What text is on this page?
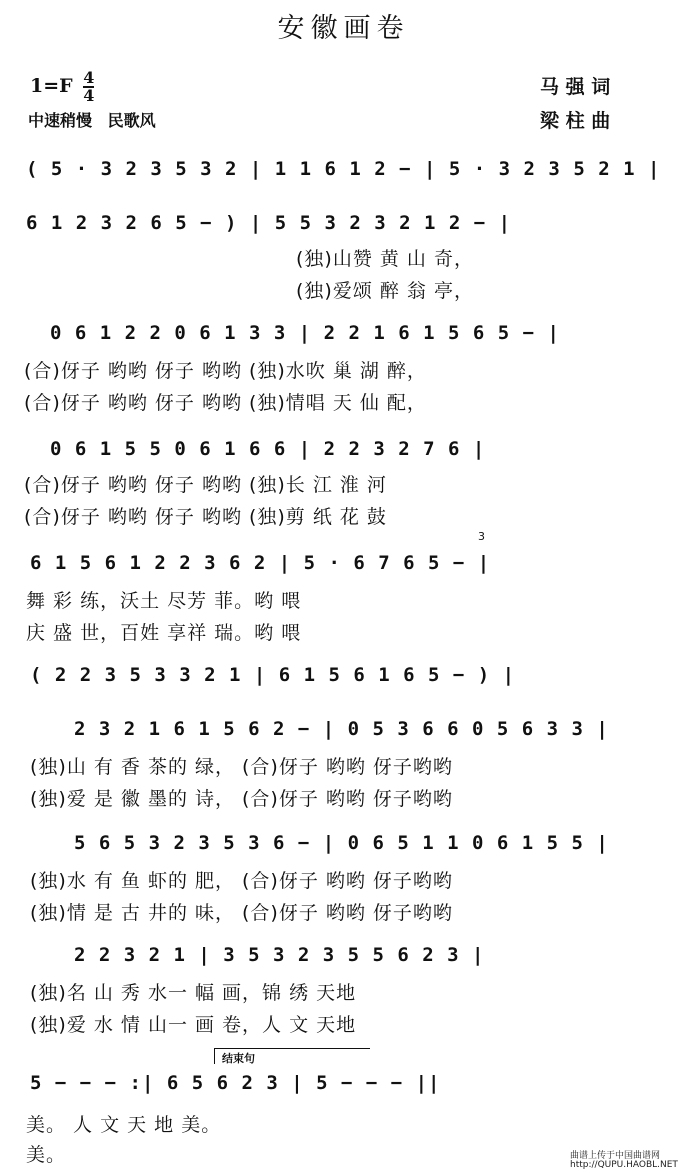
安徽画卷
$1=F \frac{4}{4}$
中速稍慢 民歌风
马 强 词
梁 柱 曲
( 5 · 3 2 3 5 3 2 | 1 1 6 1 2 − | 5 · 3 2 3 5 2 1 |
6 1 2 3 2 6 5 − ) | 5 5 3 2 3 2 1 2 − |
(独)山赞 黄 山 奇，
(独)爱颂 醉 翁 亭，
0 6 1 2 2 0 6 1 3 3 | 2 2 1 6 1 5 6 5 − |
(合)伢子 哟哟 伢子 哟哟 (独)水吹 巢 湖 醉，
(合)伢子 哟哟 伢子 哟哟 (独)情唱 天 仙 配，
0 6 1 5 5 0 6 1 6 6 | 2 2 3 2 7 6 |
(合)伢子 哟哟 伢子 哟哟 (独)长 江 淮 河
(合)伢子 哟哟 伢子 哟哟 (独)剪 纸 花 鼓
3
6 1 5 6 1 2 2 3 6 2 | 5 · 6 7 6 5 − |
舞 彩 练，沃土 尽芳 菲。哟 喂
庆 盛 世，百姓 享祥 瑞。哟 喂
( 2 2 3 5 3 3 2 1 | 6 1 5 6 1 6 5 − ) |
2 3 2 1 6 1 5 6 2 − | 0 5 3 6 6 0 5 6 3 3 |
(独)山 有 香 茶的 绿， (合)伢子 哟哟 伢子哟哟
(独)爱 是 徽 墨的 诗， (合)伢子 哟哟 伢子哟哟
5 6 5 3 2 3 5 3 6 − | 0 6 5 1 1 0 6 1 5 5 |
(独)水 有 鱼 虾的 肥， (合)伢子 哟哟 伢子哟哟
(独)情 是 古 井的 味， (合)伢子 哟哟 伢子哟哟
2 2 3 2 1 | 3 5 3 2 3 5 5 6 2 3 |
(独)名 山 秀 水一 幅 画，锦 绣 天地
(独)爱 水 情 山一 画 卷，人 文 天地
结束句
5 − − − :| 6 5 6 2 3 | 5 − − − ||
美。 人 文 天 地 美。
美。	曲谱上传于中国曲谱网
http://QUPU.HAOBL.NET
